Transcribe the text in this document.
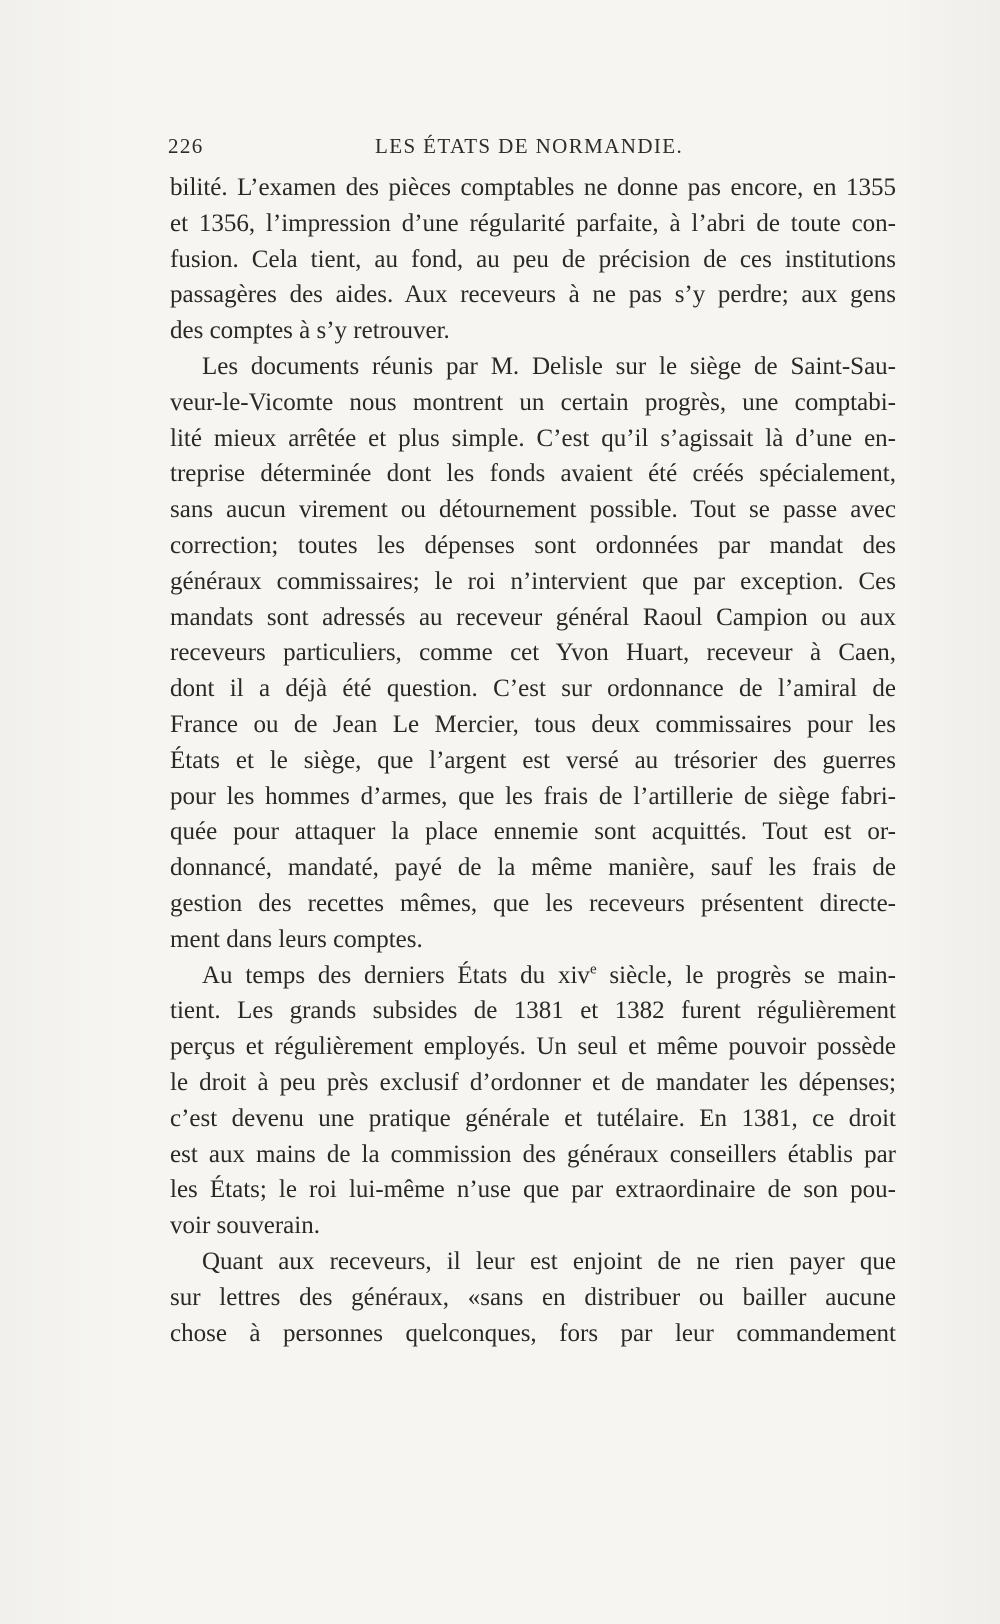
226	LES ÉTATS DE NORMANDIE.
bilité. L’examen des pièces comptables ne donne pas encore, en 1355
et 1356, l’impression d’une régularité parfaite, à l’abri de toute con-
fusion. Cela tient, au fond, au peu de précision de ces institutions
passagères des aides. Aux receveurs à ne pas s’y perdre; aux gens
des comptes à s’y retrouver.
Les documents réunis par M. Delisle sur le siège de Saint-Sau-
veur-le-Vicomte nous montrent un certain progrès, une comptabi-
lité mieux arrêtée et plus simple. C’est qu’il s’agissait là d’une en-
treprise déterminée dont les fonds avaient été créés spécialement,
sans aucun virement ou détournement possible. Tout se passe avec
correction; toutes les dépenses sont ordonnées par mandat des
généraux commissaires; le roi n’intervient que par exception. Ces
mandats sont adressés au receveur général Raoul Campion ou aux
receveurs particuliers, comme cet Yvon Huart, receveur à Caen,
dont il a déjà été question. C’est sur ordonnance de l’amiral de
France ou de Jean Le Mercier, tous deux commissaires pour les
États et le siège, que l’argent est versé au trésorier des guerres
pour les hommes d’armes, que les frais de l’artillerie de siège fabri-
quée pour attaquer la place ennemie sont acquittés. Tout est or-
donnancé, mandaté, payé de la même manière, sauf les frais de
gestion des recettes mêmes, que les receveurs présentent directe-
ment dans leurs comptes.
Au temps des derniers États du xiv$^e$ siècle, le progrès se main-
tient. Les grands subsides de 1381 et 1382 furent régulièrement
perçus et régulièrement employés. Un seul et même pouvoir possède
le droit à peu près exclusif d’ordonner et de mandater les dépenses;
c’est devenu une pratique générale et tutélaire. En 1381, ce droit
est aux mains de la commission des généraux conseillers établis par
les États; le roi lui-même n’use que par extraordinaire de son pou-
voir souverain.
Quant aux receveurs, il leur est enjoint de ne rien payer que
sur lettres des généraux, «sans en distribuer ou bailler aucune
chose à personnes quelconques, fors par leur commandement
